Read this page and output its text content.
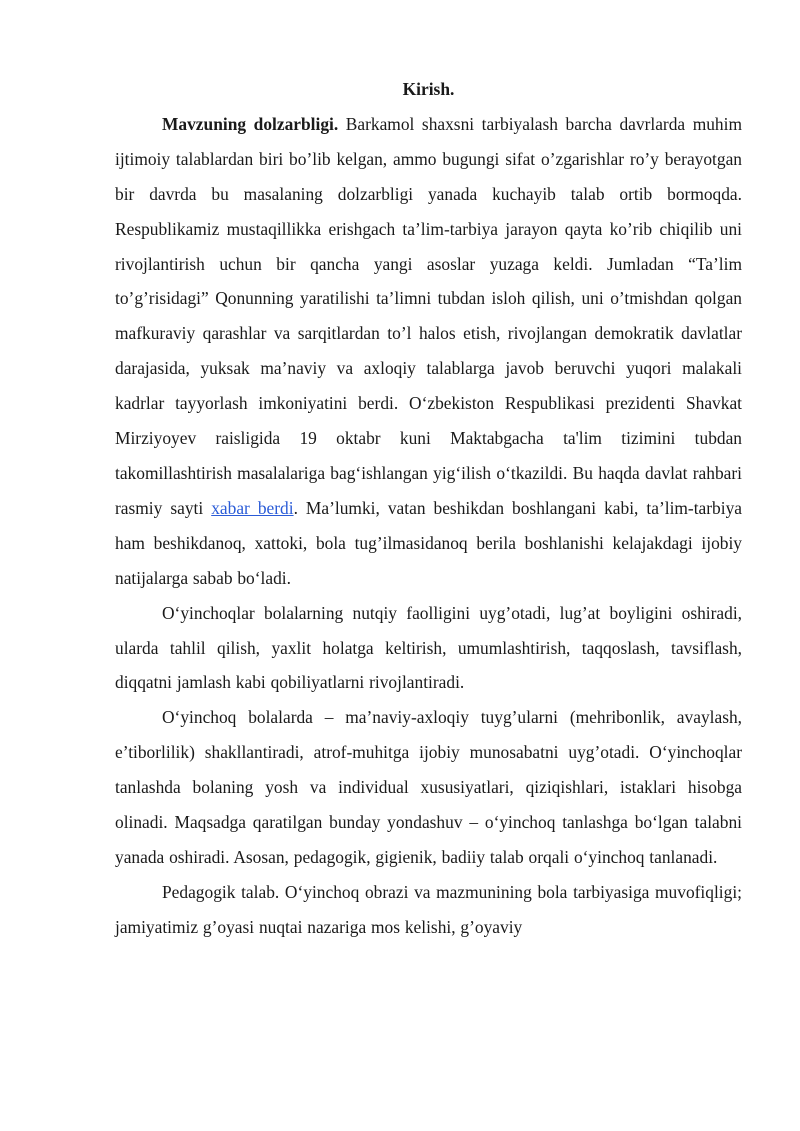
Kirish.

Mavzuning dolzarbligi. Barkamol shaxsni tarbiyalash barcha davrlarda muhim ijtimoiy talablardan biri bo’lib kelgan, ammo bugungi sifat o’zgarishlar ro’y berayotgan bir davrda bu masalaning dolzarbligi yanada kuchayib talab ortib bormoqda. Respublikamiz mustaqillikka erishgach ta’lim-tarbiya jarayon qayta ko’rib chiqilib uni rivojlantirish uchun bir qancha yangi asoslar yuzaga keldi. Jumladan “Ta’lim to’g’risidagi” Qonunning yaratilishi ta’limni tubdan isloh qilish, uni o’tmishdan qolgan mafkuraviy qarashlar va sarqitlardan to’l halos etish, rivojlangan demokratik davlatlar darajasida, yuksak ma’naviy va axloqiy talablarga javob beruvchi yuqori malakali kadrlar tayyorlash imkoniyatini berdi. O‘zbekiston Respublikasi prezidenti Shavkat Mirziyoyev raisligida 19 oktabr kuni Maktabgacha ta'lim tizimini tubdan takomillashtirish masalalariga bag‘ishlangan yig‘ilish o‘tkazildi. Bu haqda davlat rahbari rasmiy sayti xabar berdi. Ma’lumki, vatan beshikdan boshlangani kabi, ta’lim-tarbiya ham beshikdanoq, xattoki, bola tug’ilmasidanoq berila boshlanishi kelajakdagi ijobiy natijalarga sabab bo‘ladi.

O‘yinchoqlar bolalarning nutqiy faolligini uyg’otadi, lug’at boyligini oshiradi, ularda tahlil qilish, yaxlit holatga keltirish, umumlashtirish, taqqoslash, tavsiflash, diqqatni jamlash kabi qobiliyatlarni rivojlantiradi.

O‘yinchoq bolalarda – ma’naviy-axloqiy tuyg’ularni (mehribonlik, avaylash, e’tiborlilik) shakllantiradi, atrof-muhitga ijobiy munosabatni uyg’otadi. O‘yinchoqlar tanlashda bolaning yosh va individual xususiyatlari, qiziqishlari, istaklari hisobga olinadi. Maqsadga qaratilgan bunday yondashuv – o‘yinchoq tanlashga bo‘lgan talabni yanada oshiradi. Asosan, pedagogik, gigienik, badiiy talab orqali o‘yinchoq tanlanadi.

Pedagogik talab. O‘yinchoq obrazi va mazmunining bola tarbiyasiga muvofiqligi; jamiyatimiz g’oyasi nuqtai nazariga mos kelishi, g’oyaviy
